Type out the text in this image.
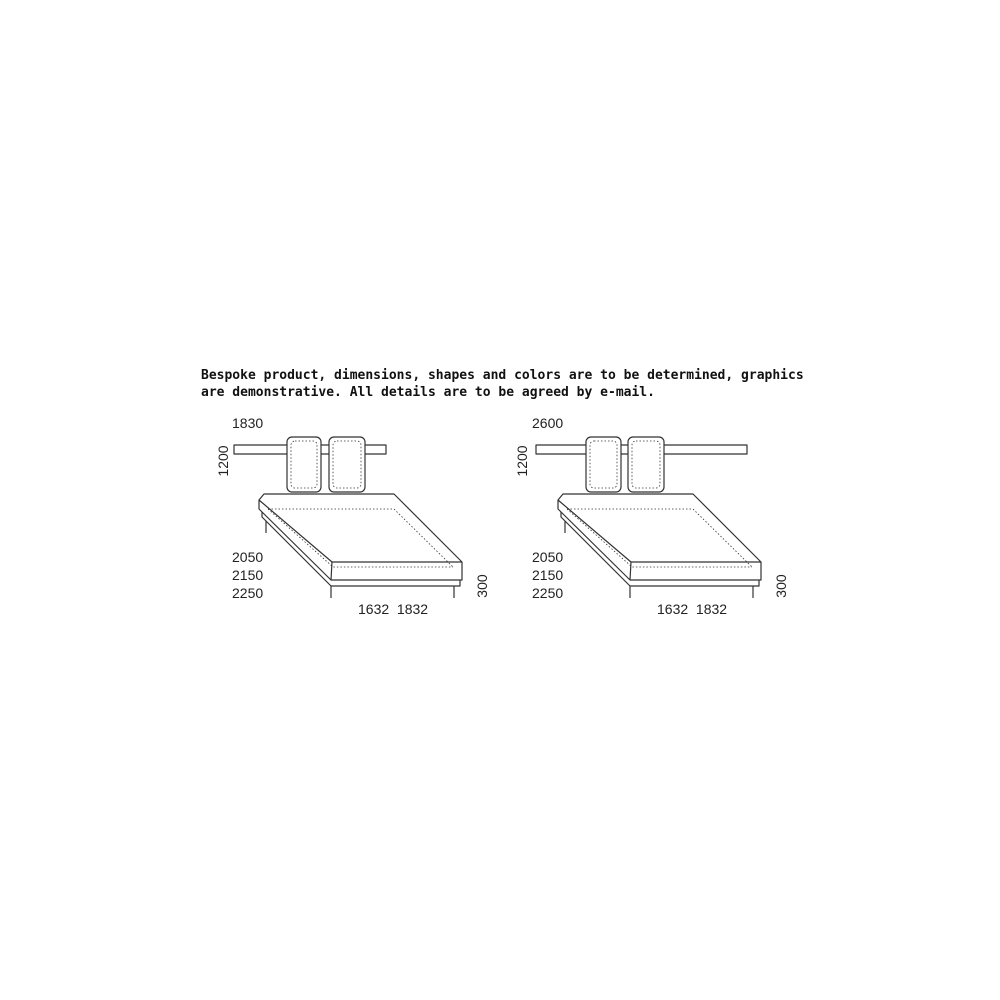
Bespoke product, dimensions, shapes and colors are to be determined, graphics
are demonstrative. All details are to be agreed by e-mail.

1830
1200
2050
2150
2250
1632  1832
300
2600
1200
2050
2150
2250
1632  1832
300
